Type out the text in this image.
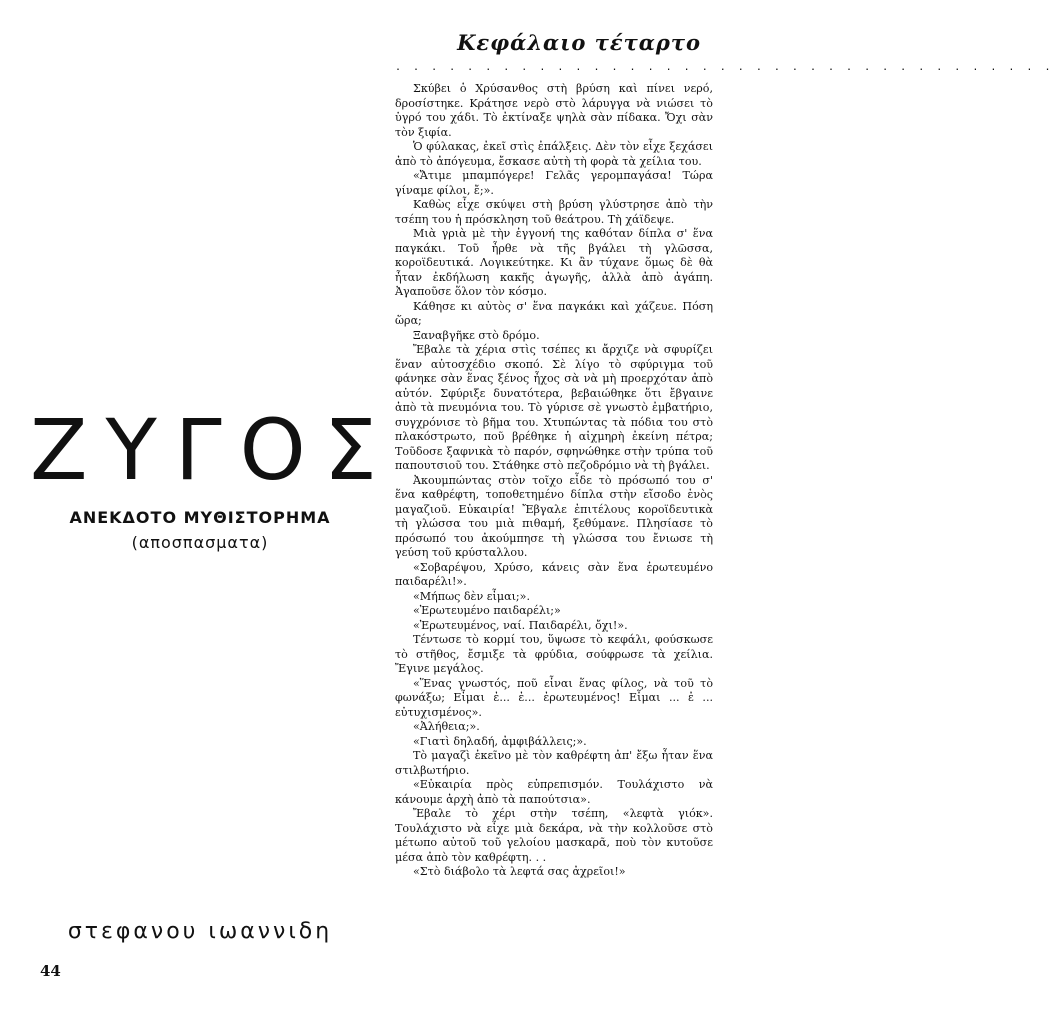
ΖΥΓΟΣ
ΑΝΕΚΔΟΤΟ ΜΥΘΙΣΤΟΡΗΜΑ
(αποσπασματα)
στεφανου ιωαννιδη
44
Κεφάλαιο τέταρτο
. . . . . . . . . . . . . . . . . . . . . . . . . . . . . . . . . . . . .

Σκύβει ὁ Χρύσανθος στὴ βρύση καὶ πίνει νερό, δροσίστηκε. Κράτησε νερὸ στὸ λάρυγγα νὰ νιώσει τὸ ὑγρό του χάδι. Τὸ ἐκτίναξε ψηλὰ σὰν πίδακα. Ὄχι σὰν τὸν ξιφία.

Ὁ φύλακας, ἐκεῖ στὶς ἐπάλξεις. Δὲν τὸν εἶχε ξεχάσει ἀπὸ τὸ ἀπόγευμα, ἔσκασε αὐτὴ τὴ φορὰ τὰ χείλια του.

«Ἄτιμε μπαμπόγερε! Γελᾶς γερομπαγάσα! Τώρα γίναμε φίλοι, ἔ;».

Καθὼς εἶχε σκύψει στὴ βρύση γλύστρησε ἀπὸ τὴν τσέπη του ἡ πρόσκληση τοῦ θεάτρου. Τὴ χάϊδεψε.

Μιὰ γριὰ μὲ τὴν ἐγγονή της καθόταν δίπλα σ' ἕνα παγκάκι. Τοῦ ἦρθε νὰ τῆς βγάλει τὴ γλῶσσα, κοροϊδευτικά. Λογικεύτηκε. Κι ἂν τύχανε ὅμως δὲ θὰ ἦταν ἐκδήλωση κακῆς ἀγωγῆς, ἀλλὰ ἀπὸ ἀγάπη. Ἀγαποῦσε ὅλον τὸν κόσμο.

Κάθησε κι αὐτὸς σ' ἕνα παγκάκι καὶ χάζευε. Πόση ὥρα;

Ξαναβγῆκε στὸ δρόμο.

Ἔβαλε τὰ χέρια στὶς τσέπες κι ἄρχιζε νὰ σφυρίζει ἕναν αὐτοσχέδιο σκοπό. Σὲ λίγο τὸ σφύριγμα τοῦ φάνηκε σὰν ἕνας ξένος ἦχος σὰ νὰ μὴ προερχόταν ἀπὸ αὐτόν. Σφύριξε δυνατότερα, βεβαιώθηκε ὅτι ἔβγαινε ἀπὸ τὰ πνευμόνια του. Τὸ γύρισε σὲ γνωστὸ ἐμβατήριο, συγχρόνισε τὸ βῆμα του. Χτυπώντας τὰ πόδια του στὸ πλακόστρωτο, ποῦ βρέθηκε ἡ αἰχμηρὴ ἐκείνη πέτρα; Τοῦδοσε ξαφνικὰ τὸ παρόν, σφηνώθηκε στὴν τρύπα τοῦ παπουτσιοῦ του. Στάθηκε στὸ πεζοδρόμιο νὰ τὴ βγάλει.

Ἀκουμπώντας στὸν τοῖχο εἶδε τὸ πρόσωπό του σ' ἕνα καθρέφτη, τοποθετημένο δίπλα στὴν εἴσοδο ἑνὸς μαγαζιοῦ. Εὐκαιρία! Ἔβγαλε ἐπιτέλους κοροϊδευτικὰ τὴ γλώσσα του μιὰ πιθαμή, ξεθύμανε. Πλησίασε τὸ πρόσωπό του ἀκούμπησε τὴ γλώσσα του ἔνιωσε τὴ γεύση τοῦ κρύσταλλου.

«Σοβαρέψου, Χρύσο, κάνεις σὰν ἕνα ἐρωτευμένο παιδαρέλι!».

«Μήπως δὲν εἶμαι;».

«Ἐρωτευμένο παιδαρέλι;»

«Ἐρωτευμένος, ναί. Παιδαρέλι, ὄχι!».

Τέντωσε τὸ κορμί του, ὕψωσε τὸ κεφάλι, φούσκωσε τὸ στῆθος, ἔσμιξε τὰ φρύδια, σούφρωσε τὰ χείλια. Ἔγινε μεγάλος.

«Ἕνας γνωστός, ποῦ εἶναι ἕνας φίλος, νὰ τοῦ τὸ φωνάξω; Εἶμαι ἐ... ἐ... ἐρωτευμένος! Εἶμαι ... ἐ ... εὐτυχισμένος».

«Ἀλήθεια;».

«Γιατὶ δηλαδή, ἀμφιβάλλεις;».

Τὸ μαγαζὶ ἐκεῖνο μὲ τὸν καθρέφτη ἀπ' ἔξω ἦταν ἕνα στιλβωτήριο.

«Εὐκαιρία πρὸς εὐπρεπισμόν. Τουλάχιστο νὰ κάνουμε ἀρχὴ ἀπὸ τὰ παπούτσια».

Ἔβαλε τὸ χέρι στὴν τσέπη, «λεφτὰ γιόκ». Τουλάχιστο νὰ εἶχε μιὰ δεκάρα, νὰ τὴν κολλοῦσε στὸ μέτωπο αὐτοῦ τοῦ γελοίου μασκαρᾶ, ποὺ τὸν κυτοῦσε μέσα ἀπὸ τὸν καθρέφτη. . .

«Στὸ διάβολο τὰ λεφτά σας ἀχρεῖοι!»
